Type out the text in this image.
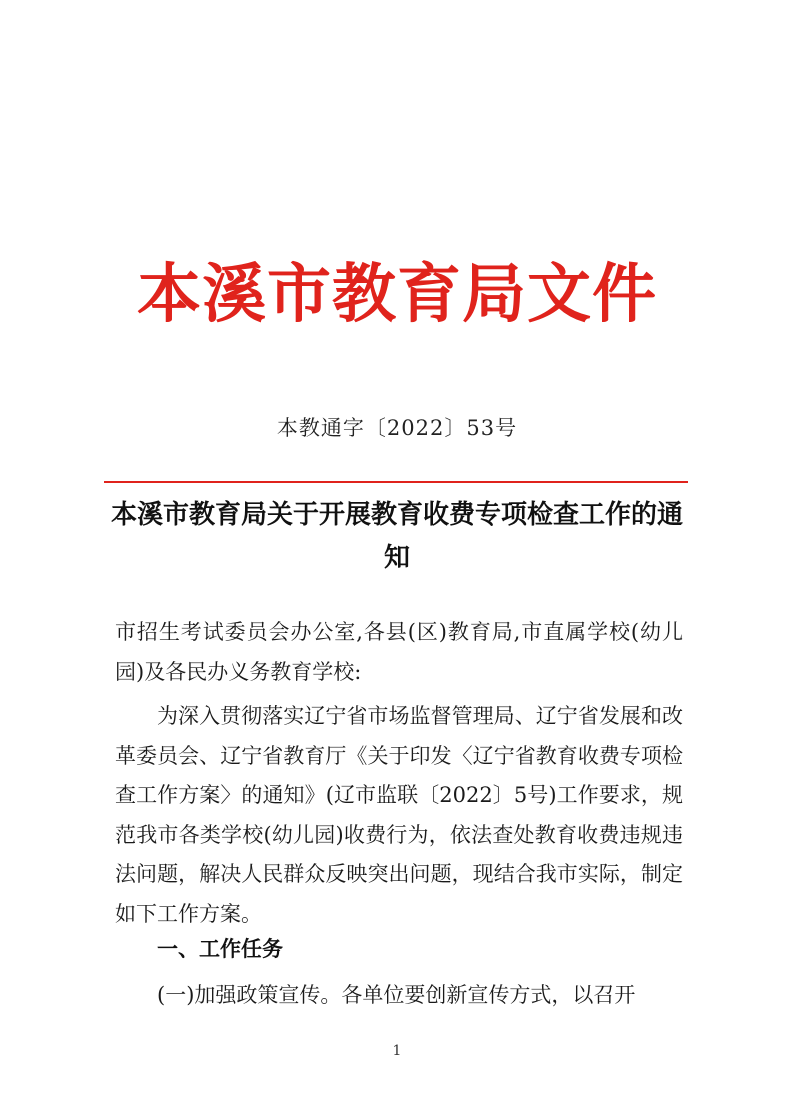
本溪市教育局文件
本教通字〔2022〕53号
本溪市教育局关于开展教育收费专项检查工作的通知
市招生考试委员会办公室,各县(区)教育局,市直属学校(幼儿园)及各民办义务教育学校:
为深入贯彻落实辽宁省市场监督管理局、辽宁省发展和改革委员会、辽宁省教育厅《关于印发〈辽宁省教育收费专项检查工作方案〉的通知》(辽市监联〔2022〕5号)工作要求，规范我市各类学校(幼儿园)收费行为，依法查处教育收费违规违法问题，解决人民群众反映突出问题，现结合我市实际，制定如下工作方案。
一、工作任务
(一)加强政策宣传。各单位要创新宣传方式，以召开
1
